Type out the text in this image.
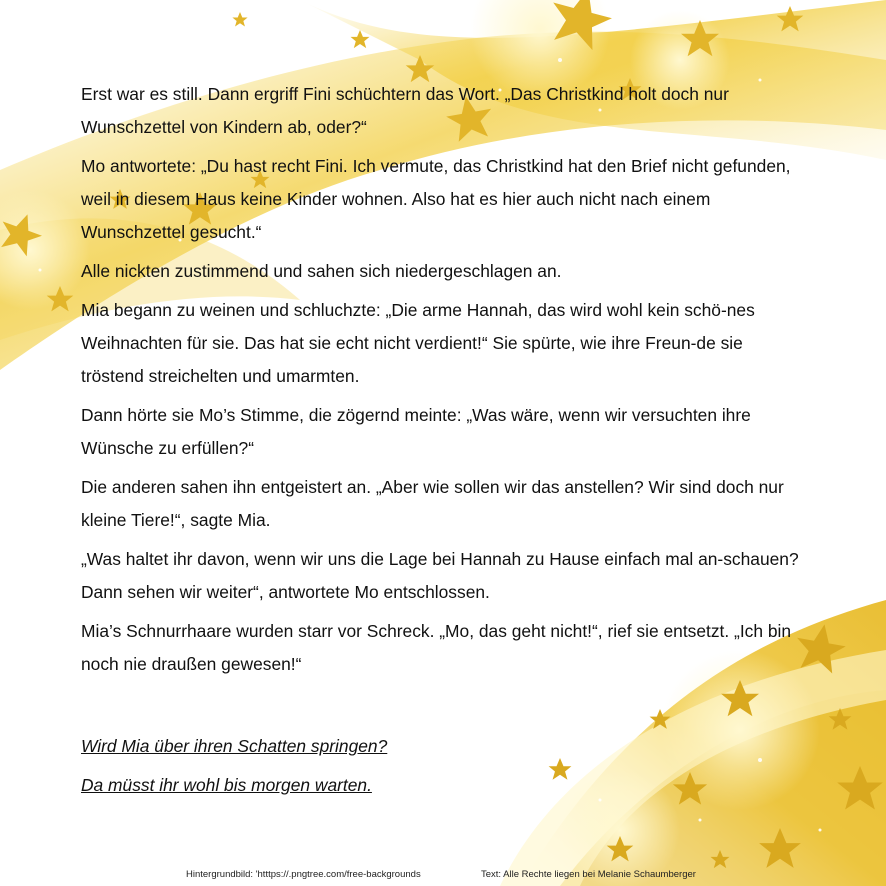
Erst war es still. Dann ergriff Fini schüchtern das Wort. „Das Christkind holt doch nur Wunschzettel von Kindern ab, oder?“

Mo antwortete: „Du hast recht Fini. Ich vermute, das Christkind hat den Brief nicht gefunden, weil in diesem Haus keine Kinder wohnen. Also hat es hier auch nicht nach einem Wunschzettel gesucht.“

Alle nickten zustimmend und sahen sich niedergeschlagen an.

Mia begann zu weinen und schluchzte: „Die arme Hannah, das wird wohl kein schö-nes Weihnachten für sie. Das hat sie echt nicht verdient!“ Sie spürte, wie ihre Freun-de sie tröstend streichelten und umarmten.

Dann hörte sie Mo’s Stimme, die zögernd meinte: „Was wäre, wenn wir versuchten ihre Wünsche zu erfüllen?“

Die anderen sahen ihn entgeistert an. „Aber wie sollen wir das anstellen? Wir sind doch nur kleine Tiere!“, sagte Mia.

„Was haltet ihr davon, wenn wir uns die Lage bei Hannah zu Hause einfach mal an-schauen? Dann sehen wir weiter“, antwortete Mo entschlossen.

Mia’s Schnurrhaare wurden starr vor Schreck. „Mo, das geht nicht!“, rief sie entsetzt. „Ich bin noch nie draußen gewesen!“

Wird Mia über ihren Schatten springen?
Da müsst ihr wohl bis morgen warten.
Hintergrundbild: 'htttps://.pngtree.com/free-backgrounds	Text: Alle Rechte liegen bei Melanie Schaumberger
